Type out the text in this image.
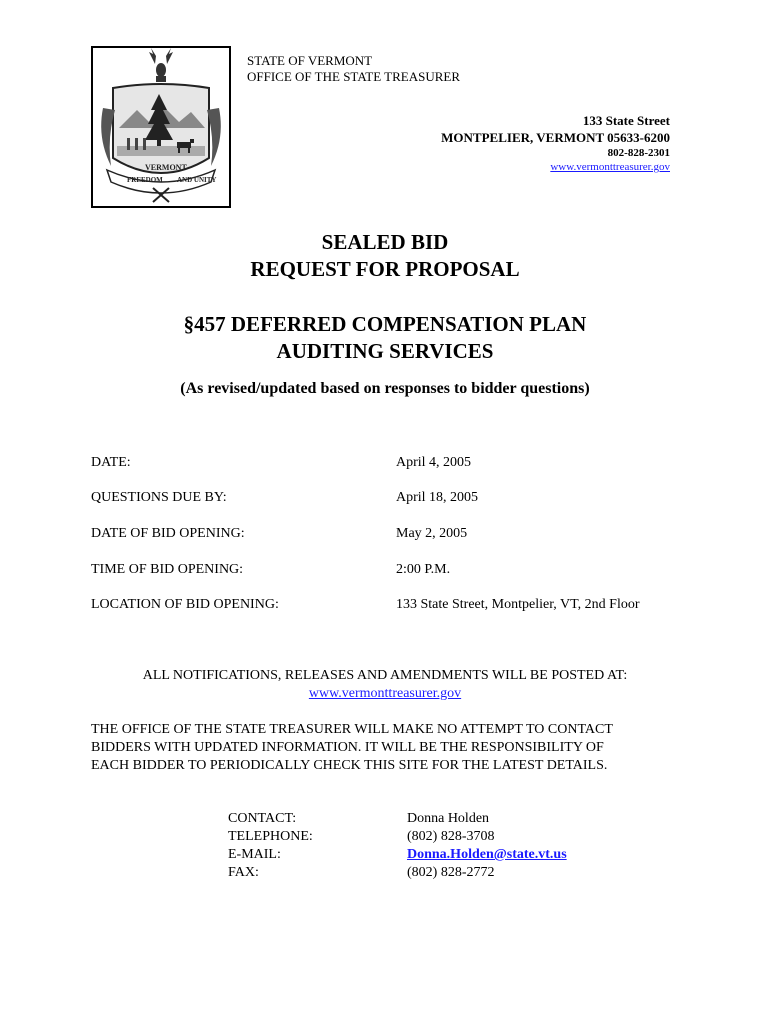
FREEDOM
VERMONT
AND UNITY
STATE OF VERMONT
OFFICE OF THE STATE TREASURER
133 State Street
MONTPELIER, VERMONT 05633-6200
802-828-2301
www.vermonttreasurer.gov
SEALED BID
REQUEST FOR PROPOSAL
§457 DEFERRED COMPENSATION PLAN
AUDITING SERVICES
(As revised/updated based on responses to bidder questions)
DATE:	April 4, 2005
QUESTIONS DUE BY:	April 18, 2005
DATE OF BID OPENING:	May 2, 2005
TIME OF BID OPENING:	2:00 P.M.
LOCATION OF BID OPENING:	133 State Street, Montpelier, VT, 2nd Floor
ALL NOTIFICATIONS, RELEASES AND AMENDMENTS WILL BE POSTED AT:
www.vermonttreasurer.gov
THE OFFICE OF THE STATE TREASURER WILL MAKE NO ATTEMPT TO CONTACT
BIDDERS WITH UPDATED INFORMATION. IT WILL BE THE RESPONSIBILITY OF
EACH BIDDER TO PERIODICALLY CHECK THIS SITE FOR THE LATEST DETAILS.
CONTACT:	Donna Holden
TELEPHONE:	(802) 828-3708
E-MAIL:	Donna.Holden@state.vt.us
FAX:	(802) 828-2772
